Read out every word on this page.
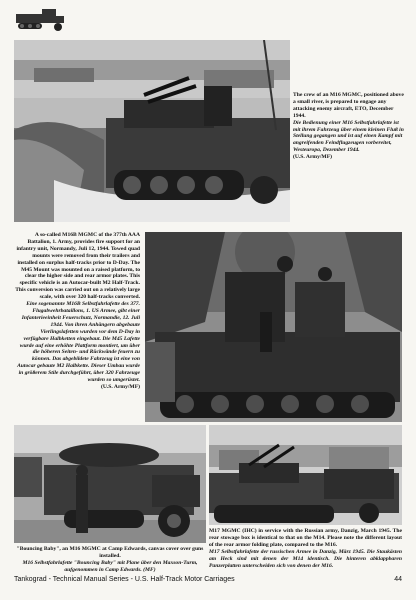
The crew of an M16 MGMC, positioned above a small river, is prepared to engage any attacking enemy aircraft, ETO, December 1944.

Die Bedienung einer M16 Selbstfahrlafette ist mit ihrem Fahrzeug über einem kleinen Fluß in Stellung gegangen und ist auf einen Kampf mit angreifenden Feindflugzeugen vorbereitet, Westeuropa, Dezember 1944.

(U.S. Army/MF)

A so-called M16B MGMC of the 377th AAA Battalion, 1. Army, provides fire support for an infantry unit, Normandy, Juli 12, 1944. Towed quad mounts were removed from their trailers and installed on surplus half-tracks prior to D-Day. The M45 Mount was mounted on a raised platform, to clear the higher side and rear armor plates. This specific vehicle is an Autocar-built M2 Half-Track. This conversion was carried out on a relatively large scale, with over 320 half-tracks converted.

Eine sogenannte M16B Selbstfahrlafette des 377. Flugabwehrbataillons, 1. US Armee, gibt einer Infanterieeinheit Feuerschutz, Normandie, 12. Juli 1944. Von ihren Anhängern abgebaute Vierlingslafetten wurden vor dem D-Day in verfügbare Halbketten eingebaut. Die M45 Lafette wurde auf eine erhöhte Plattform montiert, um über die höheren Seiten- und Rückwände feuern zu können. Das abgebildete Fahrzeug ist eine von Autocar gebaute M2 Halbkette. Dieser Umbau wurde in größerem Stile durchgeführt, über 320 Fahrzeuge wurden so umgerüstet.

(U.S. Army/MF)

"Bouncing Baby", an M16 MGMC at Camp Edwards, canvas cover over guns installed.

M16 Selbstfahrlafette "Bouncing Baby" mit Plane über den Maxson-Turm, aufgenommen in Camp Edwards. (MF)

M17 MGMC (IHC) in service with the Russian army, Danzig, March 1945. The rear stowage box is identical to that on the M14. Please note the different layout of the rear armor folding plate, compared to the M16.

M17 Selbstfahrlafette der russischen Armee in Danzig, März 1945. Die Staukästen am Heck sind mit denen der M14 identisch. Die hinteren abklappbaren Panzerplatten unterscheiden sich von denen der M16.

Tankograd - Technical Manual Series - U.S. Half-Track Motor Carriages	44
